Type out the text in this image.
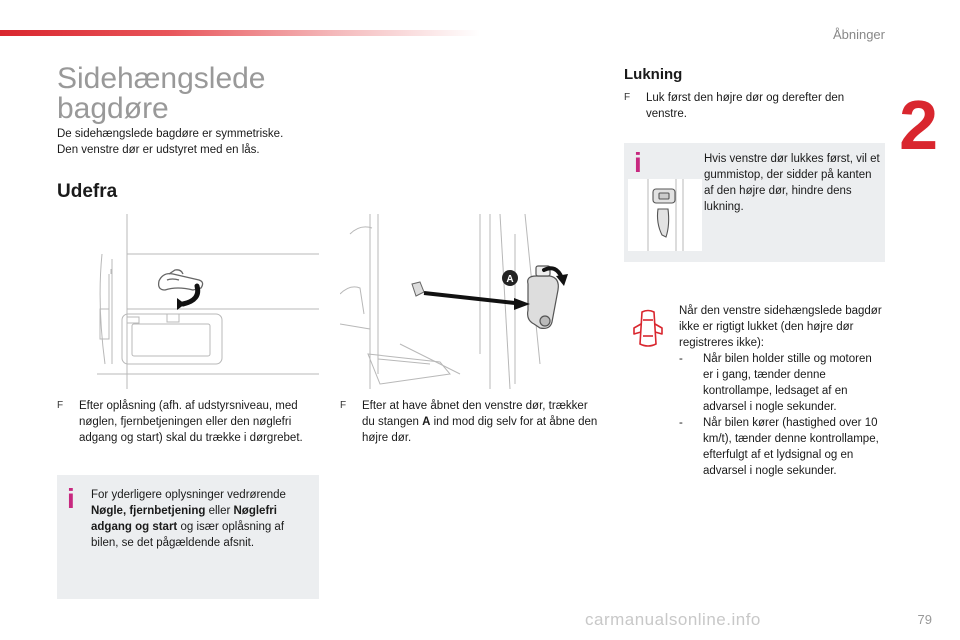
Åbninger
2
Sidehængslede
bagdøre
De sidehængslede bagdøre er symmetriske.
Den venstre dør er udstyret med en lås.
Udefra
A
F	Efter oplåsning (afh. af udstyrsniveau, med nøglen, fjernbetjeningen eller den nøglefri adgang og start) skal du trække i dørgrebet.
F	Efter at have åbnet den venstre dør, trækker du stangen A ind mod dig selv for at åbne den højre dør.
i For yderligere oplysninger vedrørende Nøgle, fjernbetjening eller Nøglefri adgang og start og især oplåsning af bilen, se det pågældende afsnit.
Lukning
F	Luk først den højre dør og derefter den venstre.
i	Hvis venstre dør lukkes først, vil et gummistop, der sidder på kanten af den højre dør, hindre dens lukning.
Når den venstre sidehængslede bagdør ikke er rigtigt lukket (den højre dør registreres ikke):
- Når bilen holder stille og motoren er i gang, tænder denne kontrollampe, ledsaget af en advarsel i nogle sekunder.
- Når bilen kører (hastighed over 10 km/t), tænder denne kontrollampe, efterfulgt af et lydsignal og en advarsel i nogle sekunder.
carmanualsonline.info	79
